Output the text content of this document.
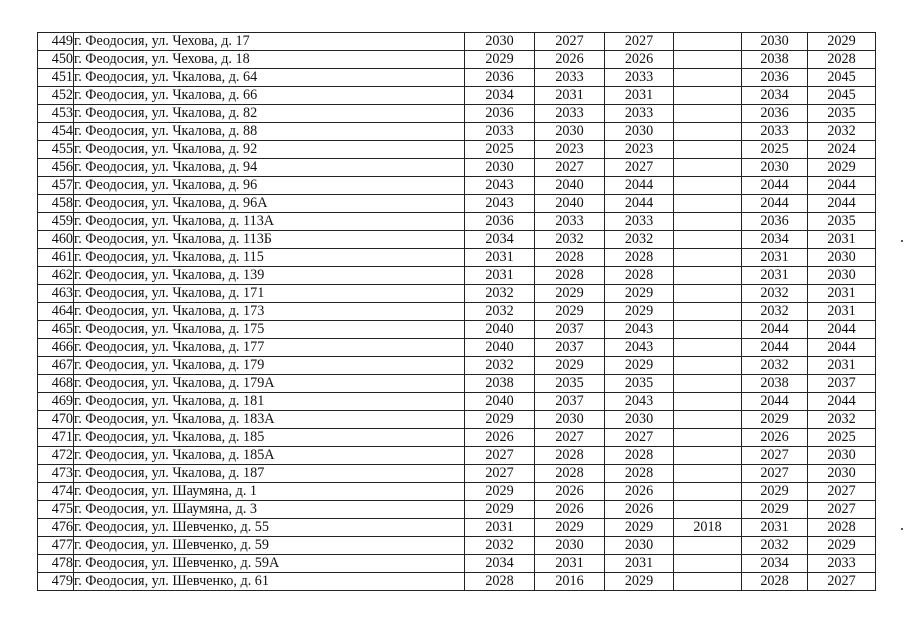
449	г. Феодосия, ул. Чехова, д. 17	2030	2027	2027		2030	2029
450	г. Феодосия, ул. Чехова, д. 18	2029	2026	2026		2038	2028
451	г. Феодосия, ул. Чкалова, д. 64	2036	2033	2033		2036	2045
452	г. Феодосия, ул. Чкалова, д. 66	2034	2031	2031		2034	2045
453	г. Феодосия, ул. Чкалова, д. 82	2036	2033	2033		2036	2035
454	г. Феодосия, ул. Чкалова, д. 88	2033	2030	2030		2033	2032
455	г. Феодосия, ул. Чкалова, д. 92	2025	2023	2023		2025	2024
456	г. Феодосия, ул. Чкалова, д. 94	2030	2027	2027		2030	2029
457	г. Феодосия, ул. Чкалова, д. 96	2043	2040	2044		2044	2044
458	г. Феодосия, ул. Чкалова, д. 96А	2043	2040	2044		2044	2044
459	г. Феодосия, ул. Чкалова, д. 113А	2036	2033	2033		2036	2035
460	г. Феодосия, ул. Чкалова, д. 113Б	2034	2032	2032		2034	2031
461	г. Феодосия, ул. Чкалова, д. 115	2031	2028	2028		2031	2030
462	г. Феодосия, ул. Чкалова, д. 139	2031	2028	2028		2031	2030
463	г. Феодосия, ул. Чкалова, д. 171	2032	2029	2029		2032	2031
464	г. Феодосия, ул. Чкалова, д. 173	2032	2029	2029		2032	2031
465	г. Феодосия, ул. Чкалова, д. 175	2040	2037	2043		2044	2044
466	г. Феодосия, ул. Чкалова, д. 177	2040	2037	2043		2044	2044
467	г. Феодосия, ул. Чкалова, д. 179	2032	2029	2029		2032	2031
468	г. Феодосия, ул. Чкалова, д. 179А	2038	2035	2035		2038	2037
469	г. Феодосия, ул. Чкалова, д. 181	2040	2037	2043		2044	2044
470	г. Феодосия, ул. Чкалова, д. 183А	2029	2030	2030		2029	2032
471	г. Феодосия, ул. Чкалова, д. 185	2026	2027	2027		2026	2025
472	г. Феодосия, ул. Чкалова, д. 185А	2027	2028	2028		2027	2030
473	г. Феодосия, ул. Чкалова, д. 187	2027	2028	2028		2027	2030
474	г. Феодосия, ул. Шаумяна, д. 1	2029	2026	2026		2029	2027
475	г. Феодосия, ул. Шаумяна, д. 3	2029	2026	2026		2029	2027
476	г. Феодосия, ул. Шевченко, д. 55	2031	2029	2029	2018	2031	2028
477	г. Феодосия, ул. Шевченко, д. 59	2032	2030	2030		2032	2029
478	г. Феодосия, ул. Шевченко, д. 59А	2034	2031	2031		2034	2033
479	г. Феодосия, ул. Шевченко, д. 61	2028	2016	2029		2028	2027
